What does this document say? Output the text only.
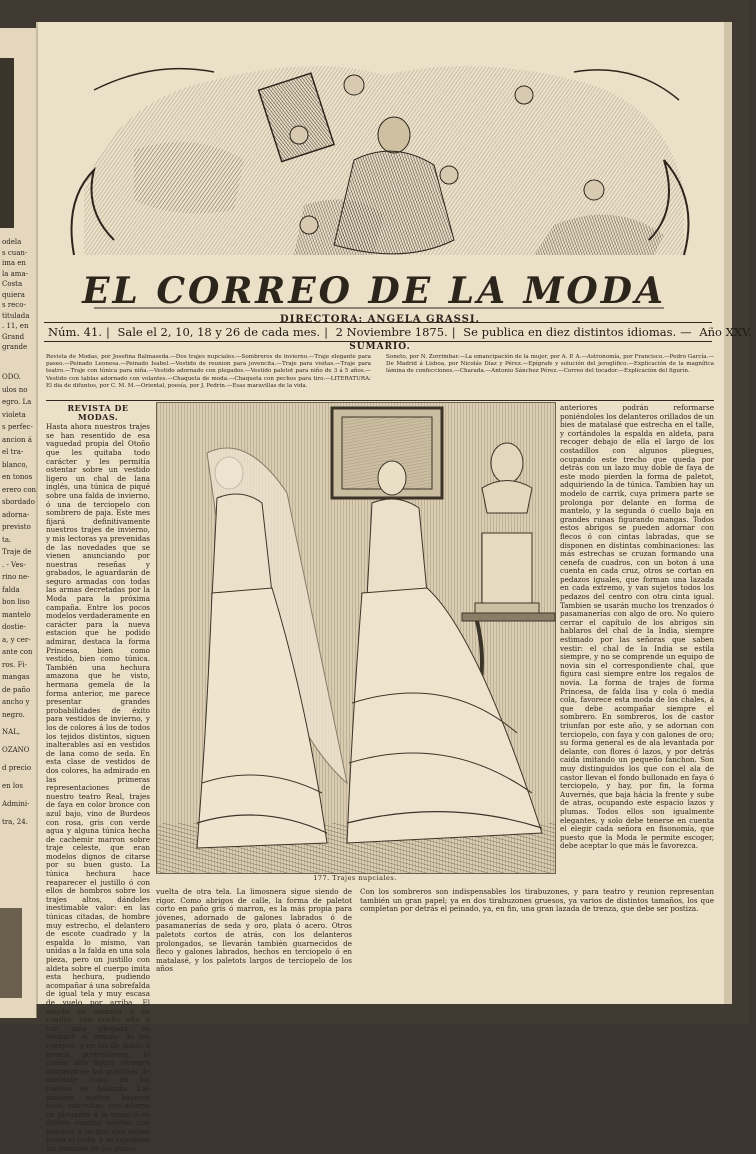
odela
s cuan-
ima en
la ama-
Costa
quiera
s reco-
titulada
. 11, en
Grand
grande
ODO.
ulos no
egro. La
violeta
s perfec-
ancion á
el tra-
blanco,
en tonos
erero con
sbordado
adorna-
previsto
ta.
Traje de
. - Ves-
rino ne-
falda
bon liso
mantelo
dostie-
a, y cer-
ante con
ros. Fi-
mangas
de paño
ancho y
negro.
NAL,
OZANO
d precio
en los
Admini-
tra, 24.
EL CORREO DE LA MODA
DIRECTORA: ANGELA GRASSI.
Núm. 41. | Sale el 2, 10, 18 y 26 de cada mes. | 2 Noviembre 1875. | Se publica en diez distintos idiomas. — Año XXV.
SUMARIO.
Revista de Modas, por Josefina Balmaseda.—Dos trajes nupciales.—Sombreros de invierno.—Traje elegante para paseo.—Peinado Leonesa.—Peinado Isabel.—Vestido de reunion para jovencita.—Traje para visitas.—Traje para teatro.—Traje con túnica para niña.—Vestido adornado con plegados.—Vestido paletot para niño de 3 á 5 años.—Vestido con tablas adornado con volantes.—Chaqueta de moda.—Chaqueta con pechos para tiro.—LITERATURA: El dia de difuntos, por C. M. M.—Oriental, poesía, por J. Pedrín.—Esas maravillas de la vida.
Soneto, por N. Zorrimbar.—La emancipación de la mujer, por A. P. A.—Astronomía, por Francisco.—Pedro García.—De Madrid á Lisboa, por Nicolás Díaz y Pérez.—Epígrafe y solución del jeroglífico.—Explicación de la magnífica lámina de confecciones.—Charada.—Antonio Sánchez Pérez.—Correo del tocador.—Explicación del figurín.
REVISTA DE MODAS.
Hasta ahora nuestros trajes se han resentido de esa vaguedad propia del Otoño que les quitaba todo carácter y les permitía ostentar sobre un vestido ligero un chal de lana inglés, una túnica de piqué sobre una falda de invierno, ó una de terciopelo con sombrero de paja. Este mes fijará definitivamente nuestros trajes de invierno, y mis lectoras ya prevenidas de las novedades que se vienen anunciando por nuestras reseñas y grabados, le aguardarán de seguro armadas con todas las armas decretadas por la Moda para la próxima campaña. Entre los pocos modelos verdaderamente en carácter para la nueva estacion que he podido admirar, destaca la forma Princesa, bien como vestido, bien como túnica. También una hechura amazona que he visto, hermana gemela de la forma anterior, me parece presentar grandes probabilidades de éxito para vestidos de invierno, y los de colores á los de todos los tejidos distintos, siguen inalterables así en vestidos de lana como de seda. En esta clase de vestidos de dos colores, ha admirado en las primeras representaciones de nuestro teatro Real, trajes de faya en color bronce con azul bajo, vino de Burdeos con rosa, gris con verde agua y alguna túnica hecha de cachemir marron sobre traje celeste, que eran modelos dignos de citarse por su buen gusto. La túnica hechura hace reaparecer el justillo ó con ellos de hombros sobre los trajes altos, dándoles inestimable valor: en las túnicas citadas, de hombre muy estrecho, el delantero de escote cuadrado y la espalda lo mismo, van unidas a la falda en una sola pieza, pero un justillo con aldeta sobre el cuerpo imita esta hechura, pudiendo acompañar á una sobrefalda de igual tela y muy escasa de vuelo por arriba. El escote en corazon ó en cuadro, con cuello alto ó con gola plegada, es siempre el remate de los cuerpos, y en los de diario ó menos pretensiones, el cuello alto figura siempre aluciéndose las puntillas de adelante como en los cuellos de holanda. Las mangas suelen hacerse lisas, estrechas, con adorno en plegados á la mano ó en dobles vueltas sujetas con botones ó lacitos que suben hasta el codo, y se suprimen los remates de los puños.
177. Trajes nupciales.
anteriores podrán reformarse poniéndoles los delanteros orillados de un bies de matalasé que estrecha en el talle, y cortándoles la espalda en aldeta, para recoger debajo de ella el largo de los costadillos con algunos pliegues, ocupando este trecho que queda por detrás con un lazo muy doble de faya de este modo pierden la forma de paletot, adquiriendo la de túnica. Tambien hay un modelo de carrik, cuya primera parte se prolonga por delante en forma de mantelo, y la segunda ó cuello baja en grandes runas figurando mangas. Todos estos abrigos se pueden adornar con flecos ó con cintas labradas, que se disponen en distintas combinaciones: las más estrechas se cruzan formando una cenefa de cuadros, con un boton á una cuenta en cada cruz, otros se cortan en pedazos iguales, que forman una lazada en cada extremo, y van sujetos todos los pedazos del centro con otra cinta igual. Tambien se usarán mucho los trenzados ó pasamanerías con algo de oro. No quiero cerrar el capítulo de los abrigos sin hablaros del chal de la India, siempre estimado por las señoras que saben vestir: el chal de la India se estila siempre, y no se comprende un equipo de novia sin el correspondiente chal, que figura casi siempre entre los regalos de novia. La forma de trajes de forma Princesa, de falda lisa y cola ó media cola, favorece esta moda de los chales, á que debe acompañar siempre el sombrero. En sombreros, los de castor triunfan por este año, y se adornan con terciopelo, con faya y con galones de oro; su forma general es de ala levantada por delante, con flores ó lazos, y por detrás caida imitando un pequeño fanchon. Son muy distinguidos los que con el ala de castor llevan el fondo bullonado en faya ó terciopelo, y hay, por fin, la forma Auvernés, que baja hácia la frente y sube de atras, ocupando este espacio lazos y plumas. Todos ellos son igualmente elegantes, y solo debe tenerse en cuenta el elegir cada señora en fisonomía, que puesto que la Moda le permite escoger, debe aceptar lo que más le favorezca.
vuelta de otra tela. La limosnera sigue siendo de rigor. Como abrigos de calle, la forma de paletot corto en paño gris ó marron, es la más propia para jóvenes, adornado de galones labrados ó de pasamanerías de seda y oro, plata ó acero. Otros paletots cortos de atrás, con los delanteros prolongados, se llevarán también guarnecidos de fleco y galones labrados, hechos en terciopelo ó en matalasé, y los paletots largos de terciopelo de los años
Con los sombreros son indispensables los tirabuzones, y para teatro y reunion representan también un gran papel; ya en dos tirabuzones gruesos, ya varios de distintos tamaños, los que completan por detrás el peinado, ya, en fin, una gran lazada de trenza, que debe ser postiza.
